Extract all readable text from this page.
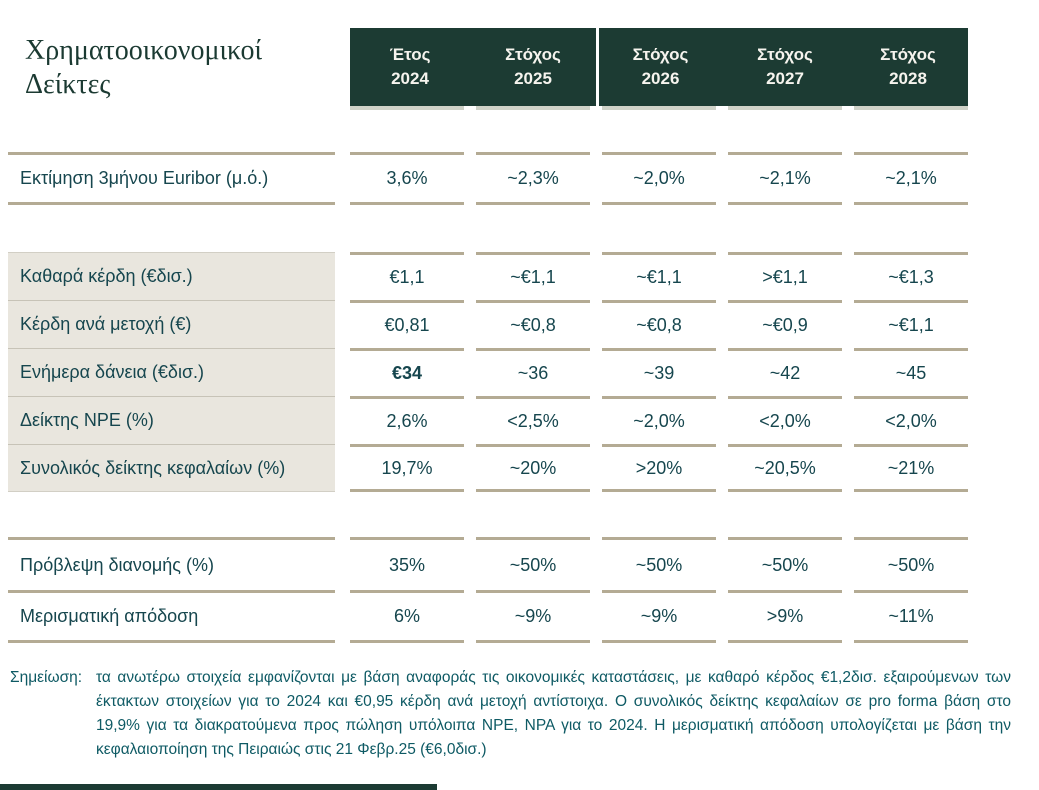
Χρηματοοικονομικοί
Δείκτες
Έτος
2024
Στόχος
2025
Στόχος
2026
Στόχος
2027
Στόχος
2028
Εκτίμηση 3μήνου Euribor (μ.ό.)	3,6%	~2,3%	~2,0%	~2,1%	~2,1%
Καθαρά κέρδη (€δισ.)	€1,1	~€1,1	~€1,1	>€1,1	~€1,3
Κέρδη ανά μετοχή (€)	€0,81	~€0,8	~€0,8	~€0,9	~€1,1
Ενήμερα δάνεια (€δισ.)	€34	~36	~39	~42	~45
Δείκτης NPE (%)	2,6%	<2,5%	~2,0%	<2,0%	<2,0%
Συνολικός δείκτης κεφαλαίων (%)	19,7%	~20%	>20%	~20,5%	~21%
Πρόβλεψη διανομής (%)	35%	~50%	~50%	~50%	~50%
Μερισματική απόδοση	6%	~9%	~9%	>9%	~11%
Σημείωση: τα ανωτέρω στοιχεία εμφανίζονται με βάση αναφοράς τις οικονομικές καταστάσεις, με καθαρό κέρδος €1,2δισ. εξαιρούμενων των έκτακτων στοιχείων για το 2024 και €0,95 κέρδη ανά μετοχή αντίστοιχα. Ο συνολικός δείκτης κεφαλαίων σε pro forma βάση στο 19,9% για τα διακρατούμενα προς πώληση υπόλοιπα NPE, NPA για το 2024. Η μερισματική απόδοση υπολογίζεται με βάση την κεφαλαιοποίηση της Πειραιώς στις 21 Φεβρ.25 (€6,0δισ.)
